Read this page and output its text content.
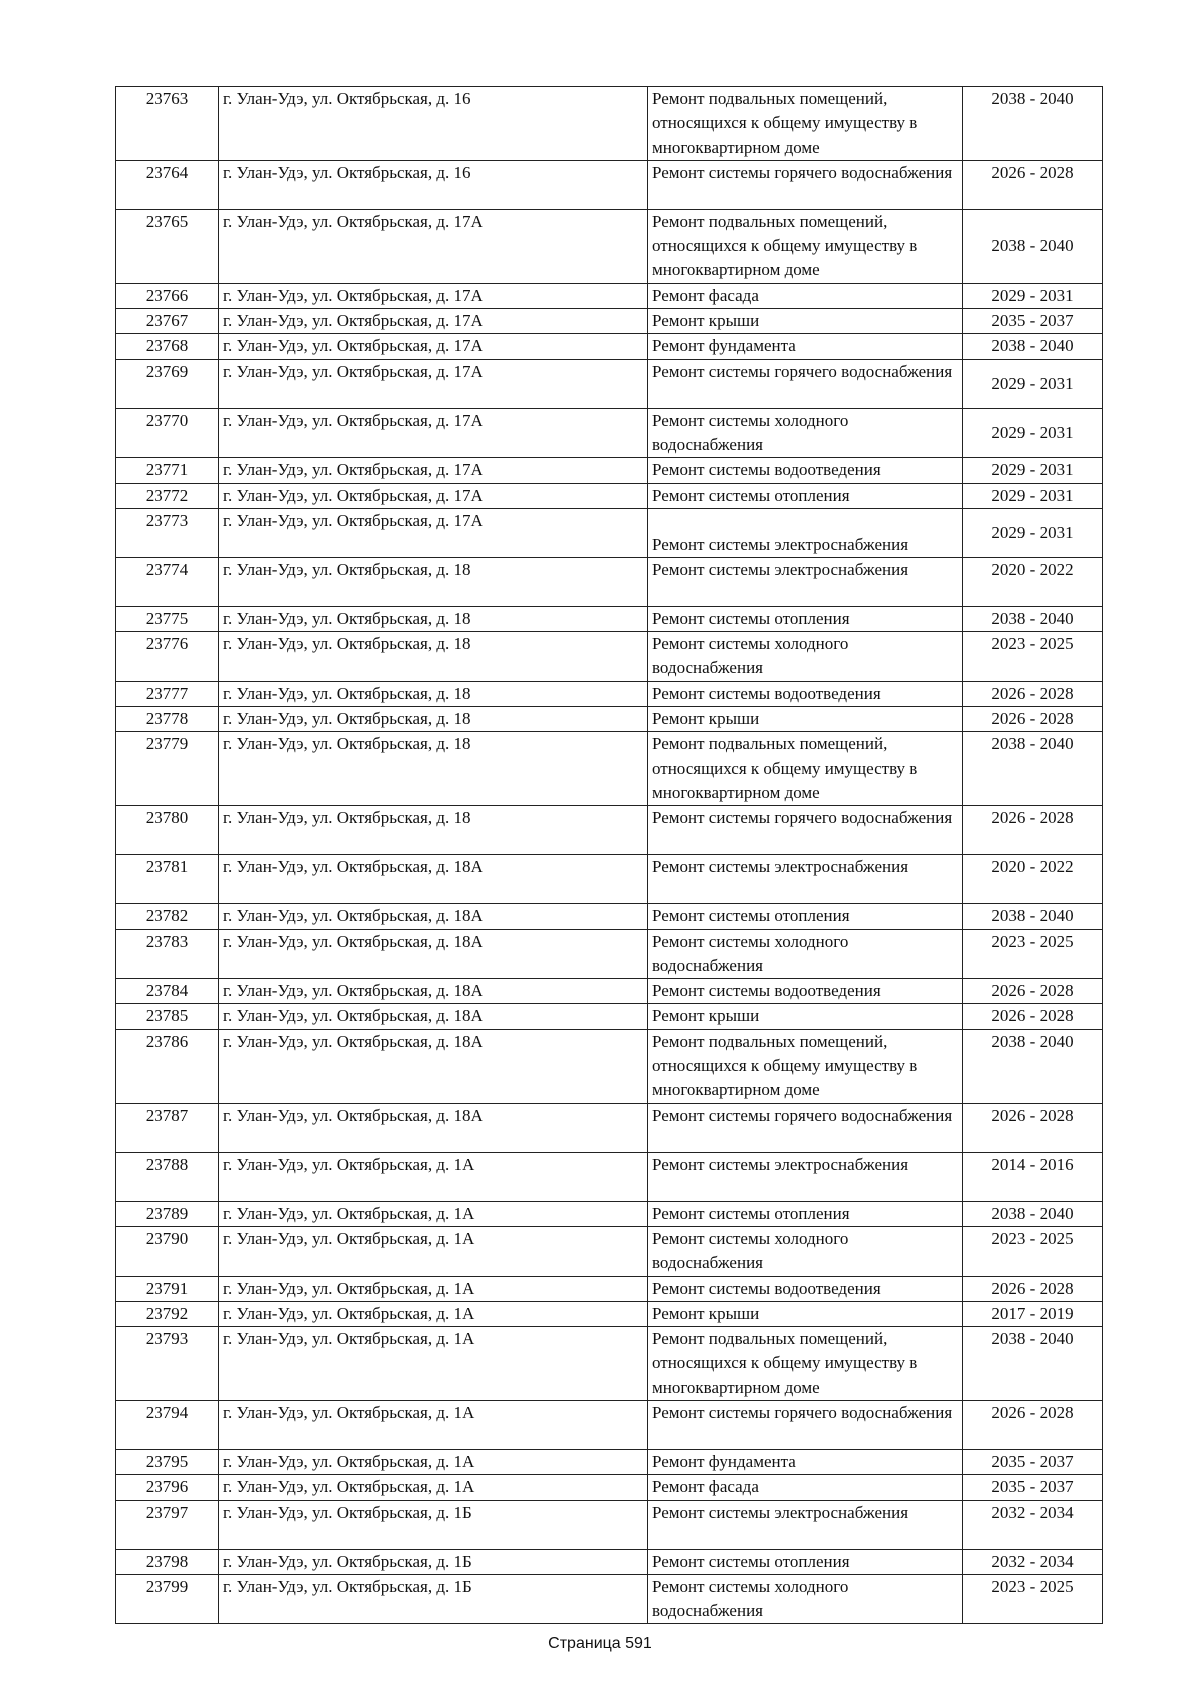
23763	г. Улан-Удэ, ул. Октябрьская, д. 16	Ремонт подвальных помещений, относящихся к общему имуществу в многоквартирном доме	2038 - 2040
23764	г. Улан-Удэ, ул. Октябрьская, д. 16	Ремонт системы горячего водоснабжения	2026 - 2028
23765	г. Улан-Удэ, ул. Октябрьская, д. 17А	Ремонт подвальных помещений, относящихся к общему имуществу в многоквартирном доме	2038 - 2040
23766	г. Улан-Удэ, ул. Октябрьская, д. 17А	Ремонт фасада	2029 - 2031
23767	г. Улан-Удэ, ул. Октябрьская, д. 17А	Ремонт крыши	2035 - 2037
23768	г. Улан-Удэ, ул. Октябрьская, д. 17А	Ремонт фундамента	2038 - 2040
23769	г. Улан-Удэ, ул. Октябрьская, д. 17А	Ремонт системы горячего водоснабжения	2029 - 2031
23770	г. Улан-Удэ, ул. Октябрьская, д. 17А	Ремонт системы холодного водоснабжения	2029 - 2031
23771	г. Улан-Удэ, ул. Октябрьская, д. 17А	Ремонт системы водоотведения	2029 - 2031
23772	г. Улан-Удэ, ул. Октябрьская, д. 17А	Ремонт системы отопления	2029 - 2031
23773	г. Улан-Удэ, ул. Октябрьская, д. 17А	Ремонт системы электроснабжения	2029 - 2031
23774	г. Улан-Удэ, ул. Октябрьская, д. 18	Ремонт системы электроснабжения	2020 - 2022
23775	г. Улан-Удэ, ул. Октябрьская, д. 18	Ремонт системы отопления	2038 - 2040
23776	г. Улан-Удэ, ул. Октябрьская, д. 18	Ремонт системы холодного водоснабжения	2023 - 2025
23777	г. Улан-Удэ, ул. Октябрьская, д. 18	Ремонт системы водоотведения	2026 - 2028
23778	г. Улан-Удэ, ул. Октябрьская, д. 18	Ремонт крыши	2026 - 2028
23779	г. Улан-Удэ, ул. Октябрьская, д. 18	Ремонт подвальных помещений, относящихся к общему имуществу в многоквартирном доме	2038 - 2040
23780	г. Улан-Удэ, ул. Октябрьская, д. 18	Ремонт системы горячего водоснабжения	2026 - 2028
23781	г. Улан-Удэ, ул. Октябрьская, д. 18А	Ремонт системы электроснабжения	2020 - 2022
23782	г. Улан-Удэ, ул. Октябрьская, д. 18А	Ремонт системы отопления	2038 - 2040
23783	г. Улан-Удэ, ул. Октябрьская, д. 18А	Ремонт системы холодного водоснабжения	2023 - 2025
23784	г. Улан-Удэ, ул. Октябрьская, д. 18А	Ремонт системы водоотведения	2026 - 2028
23785	г. Улан-Удэ, ул. Октябрьская, д. 18А	Ремонт крыши	2026 - 2028
23786	г. Улан-Удэ, ул. Октябрьская, д. 18А	Ремонт подвальных помещений, относящихся к общему имуществу в многоквартирном доме	2038 - 2040
23787	г. Улан-Удэ, ул. Октябрьская, д. 18А	Ремонт системы горячего водоснабжения	2026 - 2028
23788	г. Улан-Удэ, ул. Октябрьская, д. 1А	Ремонт системы электроснабжения	2014 - 2016
23789	г. Улан-Удэ, ул. Октябрьская, д. 1А	Ремонт системы отопления	2038 - 2040
23790	г. Улан-Удэ, ул. Октябрьская, д. 1А	Ремонт системы холодного водоснабжения	2023 - 2025
23791	г. Улан-Удэ, ул. Октябрьская, д. 1А	Ремонт системы водоотведения	2026 - 2028
23792	г. Улан-Удэ, ул. Октябрьская, д. 1А	Ремонт крыши	2017 - 2019
23793	г. Улан-Удэ, ул. Октябрьская, д. 1А	Ремонт подвальных помещений, относящихся к общему имуществу в многоквартирном доме	2038 - 2040
23794	г. Улан-Удэ, ул. Октябрьская, д. 1А	Ремонт системы горячего водоснабжения	2026 - 2028
23795	г. Улан-Удэ, ул. Октябрьская, д. 1А	Ремонт фундамента	2035 - 2037
23796	г. Улан-Удэ, ул. Октябрьская, д. 1А	Ремонт фасада	2035 - 2037
23797	г. Улан-Удэ, ул. Октябрьская, д. 1Б	Ремонт системы электроснабжения	2032 - 2034
23798	г. Улан-Удэ, ул. Октябрьская, д. 1Б	Ремонт системы отопления	2032 - 2034
23799	г. Улан-Удэ, ул. Октябрьская, д. 1Б	Ремонт системы холодного водоснабжения	2023 - 2025
Страница 591
